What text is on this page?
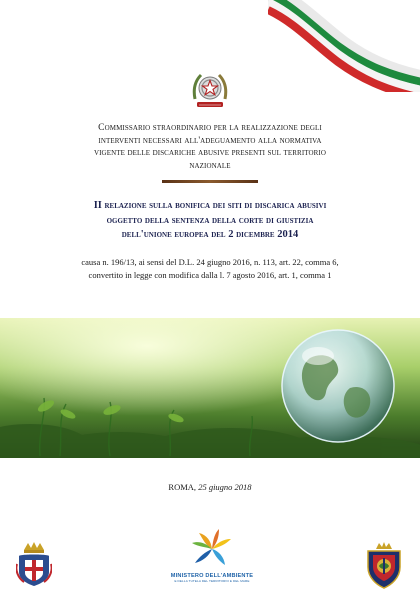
Commissario straordinario per la realizzazione degli
interventi necessari all'adeguamento alla normativa
vigente delle discariche abusive presenti sul territorio
nazionale
II relazione sulla bonifica dei siti di discarica abusivi
oggetto della sentenza della corte di giustizia
dell'unione europea del 2 dicembre 2014
causa n. 196/13, ai sensi del D.L. 24 giugno 2016, n. 113, art. 22, comma 6,
convertito in legge con modifica dalla l. 7 agosto 2016, art. 1, comma 1
ROMA, 25 giugno 2018
MINISTERO DELL'AMBIENTE
E DELLA TUTELA DEL TERRITORIO E DEL MARE
